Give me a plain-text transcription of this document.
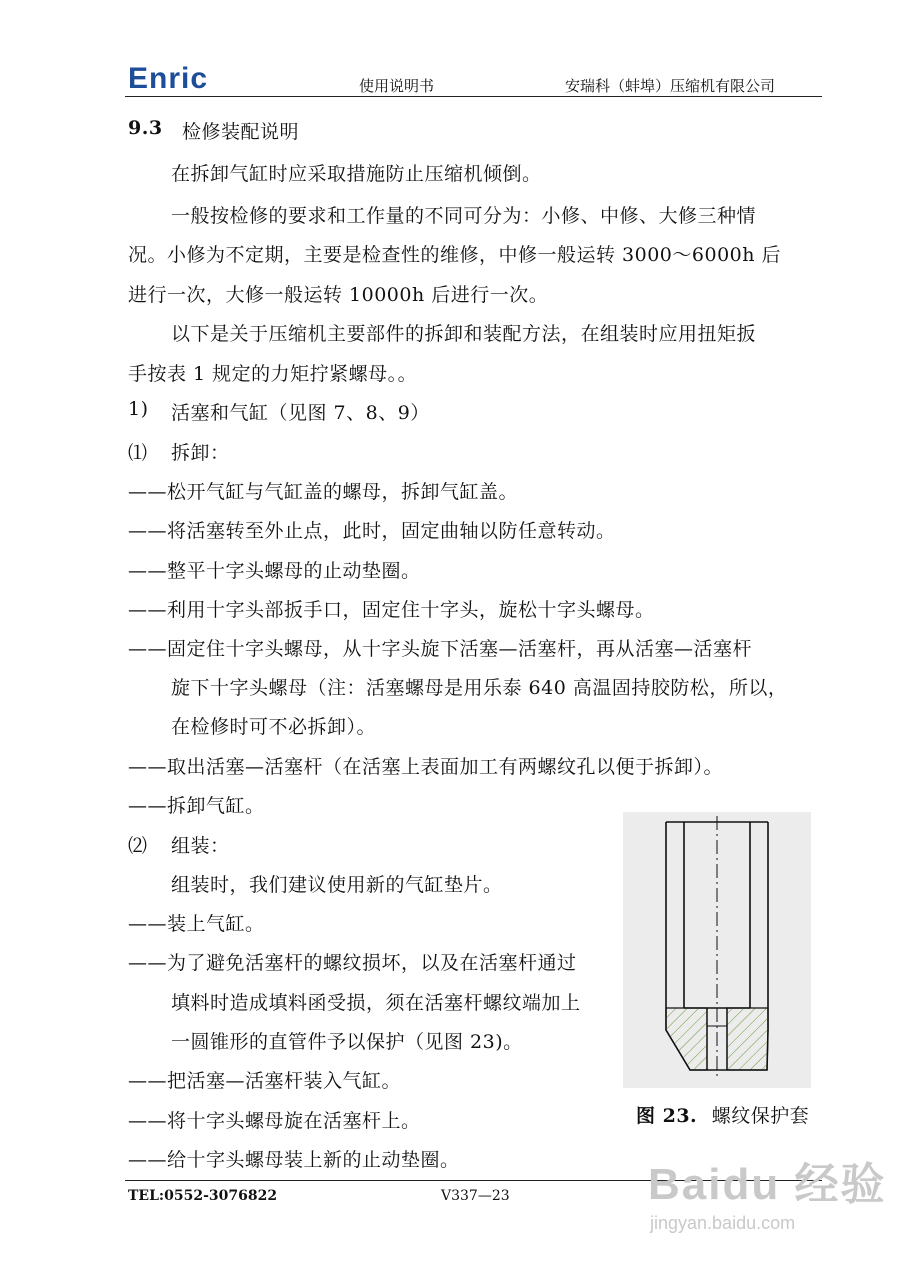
Enric	使用说明书	安瑞科（蚌埠）压缩机有限公司
9.3 检修装配说明
在拆卸气缸时应采取措施防止压缩机倾倒。
一般按检修的要求和工作量的不同可分为：小修、中修、大修三种情
况。小修为不定期，主要是检查性的维修，中修一般运转 3000～6000h 后
进行一次，大修一般运转 10000h 后进行一次。
以下是关于压缩机主要部件的拆卸和装配方法，在组装时应用扭矩扳
手按表 1 规定的力矩拧紧螺母。。
1) 活塞和气缸（见图 7、8、9）
⑴ 拆卸：
——松开气缸与气缸盖的螺母，拆卸气缸盖。
——将活塞转至外止点，此时，固定曲轴以防任意转动。
——整平十字头螺母的止动垫圈。
——利用十字头部扳手口，固定住十字头，旋松十字头螺母。
——固定住十字头螺母，从十字头旋下活塞—活塞杆，再从活塞—活塞杆
旋下十字头螺母（注：活塞螺母是用乐泰 640 高温固持胶防松，所以，
在检修时可不必拆卸）。
——取出活塞—活塞杆（在活塞上表面加工有两螺纹孔以便于拆卸）。
——拆卸气缸。
⑵ 组装：
组装时，我们建议使用新的气缸垫片。
——装上气缸。
——为了避免活塞杆的螺纹损坏，以及在活塞杆通过
填料时造成填料函受损，须在活塞杆螺纹端加上
一圆锥形的直管件予以保护（见图 23)。
——把活塞—活塞杆装入气缸。
——将十字头螺母旋在活塞杆上。
——给十字头螺母装上新的止动垫圈。
图 23. 螺纹保护套
TEL:0552-3076822	V337—23	Baidu 经验
jingyan.baidu.com
